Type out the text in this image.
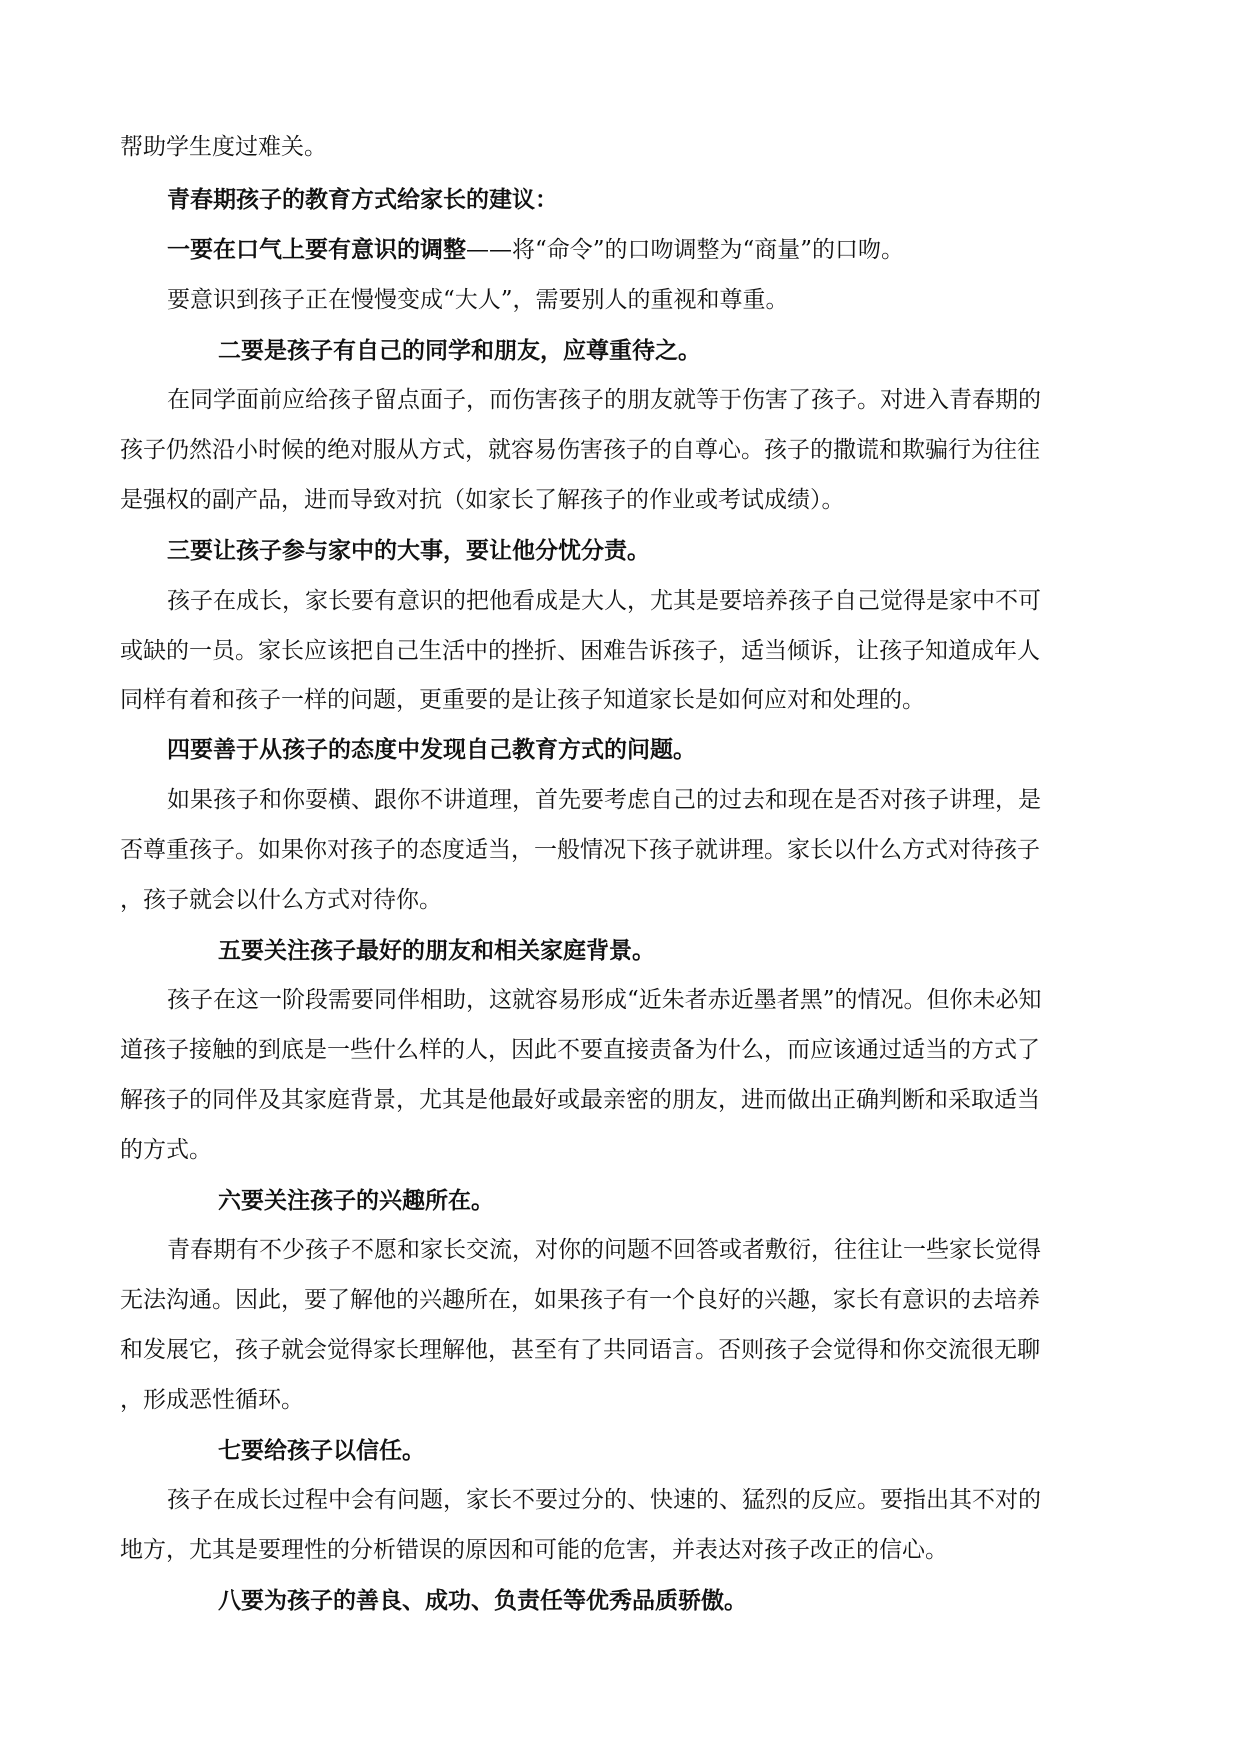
帮助学生度过难关。
青春期孩子的教育方式给家长的建议：
一要在口气上要有意识的调整——将“命令”的口吻调整为“商量”的口吻。
要意识到孩子正在慢慢变成“大人”，需要别人的重视和尊重。
二要是孩子有自己的同学和朋友，应尊重待之。
在同学面前应给孩子留点面子，而伤害孩子的朋友就等于伤害了孩子。对进入青春期的
孩子仍然沿小时候的绝对服从方式，就容易伤害孩子的自尊心。孩子的撒谎和欺骗行为往往
是强权的副产品，进而导致对抗（如家长了解孩子的作业或考试成绩）。
三要让孩子参与家中的大事，要让他分忧分责。
孩子在成长，家长要有意识的把他看成是大人，尤其是要培养孩子自己觉得是家中不可
或缺的一员。家长应该把自己生活中的挫折、困难告诉孩子，适当倾诉，让孩子知道成年人
同样有着和孩子一样的问题，更重要的是让孩子知道家长是如何应对和处理的。
四要善于从孩子的态度中发现自己教育方式的问题。
如果孩子和你耍横、跟你不讲道理，首先要考虑自己的过去和现在是否对孩子讲理，是
否尊重孩子。如果你对孩子的态度适当，一般情况下孩子就讲理。家长以什么方式对待孩子
，孩子就会以什么方式对待你。
五要关注孩子最好的朋友和相关家庭背景。
孩子在这一阶段需要同伴相助，这就容易形成“近朱者赤近墨者黑”的情况。但你未必知
道孩子接触的到底是一些什么样的人，因此不要直接责备为什么，而应该通过适当的方式了
解孩子的同伴及其家庭背景，尤其是他最好或最亲密的朋友，进而做出正确判断和采取适当
的方式。
六要关注孩子的兴趣所在。
青春期有不少孩子不愿和家长交流，对你的问题不回答或者敷衍，往往让一些家长觉得
无法沟通。因此，要了解他的兴趣所在，如果孩子有一个良好的兴趣，家长有意识的去培养
和发展它，孩子就会觉得家长理解他，甚至有了共同语言。否则孩子会觉得和你交流很无聊
，形成恶性循环。
七要给孩子以信任。
孩子在成长过程中会有问题，家长不要过分的、快速的、猛烈的反应。要指出其不对的
地方，尤其是要理性的分析错误的原因和可能的危害，并表达对孩子改正的信心。
八要为孩子的善良、成功、负责任等优秀品质骄傲。
